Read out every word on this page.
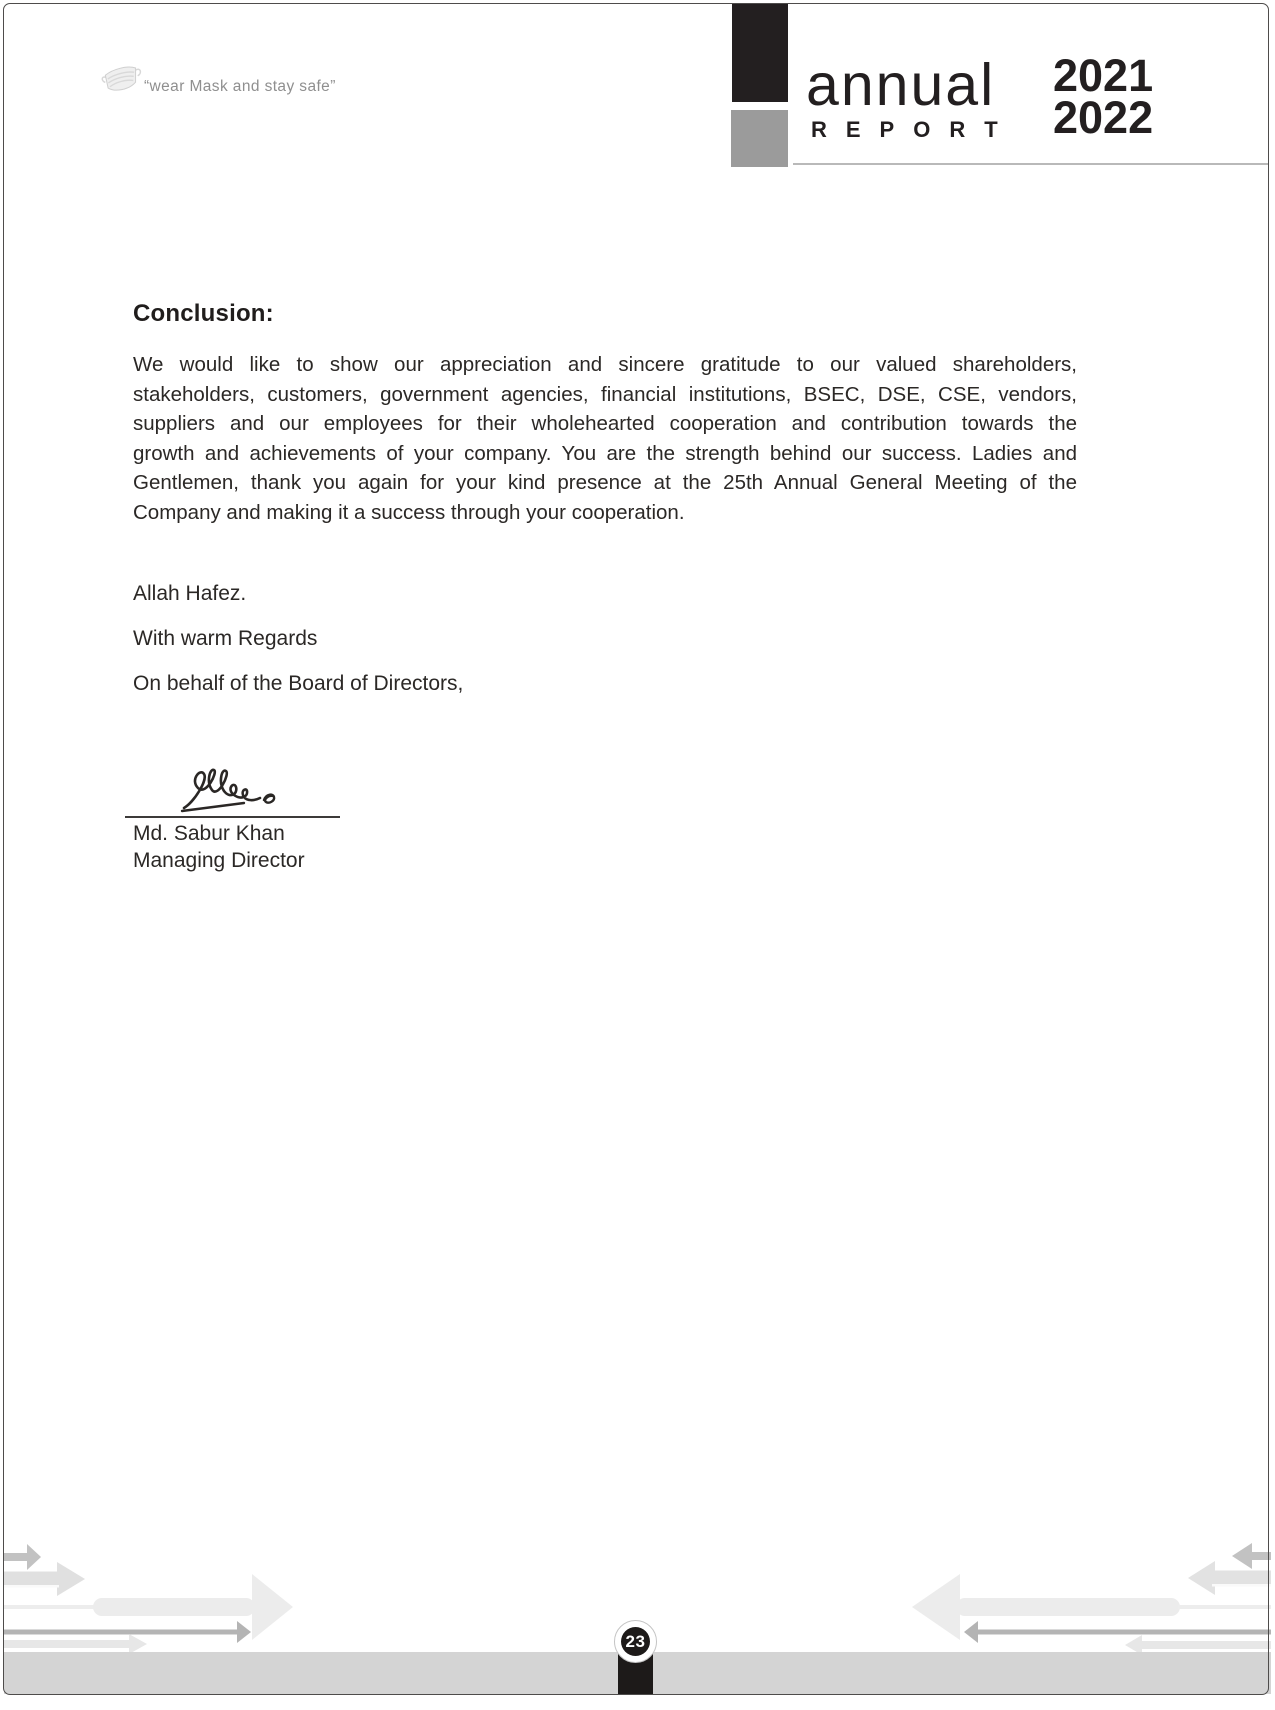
“wear Mask and stay safe”	annual
REPORT
2021
2022
Conclusion:
We would like to show our appreciation and sincere gratitude to our valued shareholders,
stakeholders, customers, government agencies, financial institutions, BSEC, DSE, CSE, vendors,
suppliers and our employees for their wholehearted cooperation and contribution towards the
growth and achievements of your company. You are the strength behind our success. Ladies and
Gentlemen, thank you again for your kind presence at the 25th Annual General Meeting of the
Company and making it a success through your cooperation.
Allah Hafez.
With warm Regards
On behalf of the Board of Directors,
Md. Sabur Khan
Managing Director
23
